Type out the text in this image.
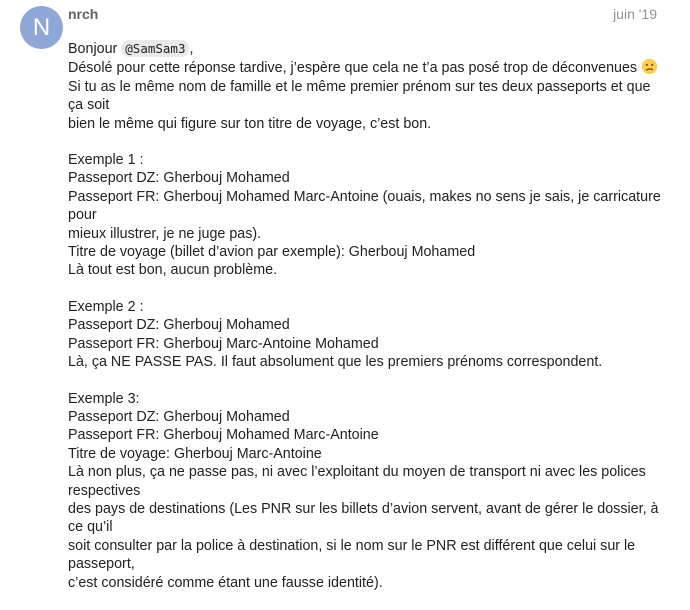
N	nrch	juin '19

Bonjour @SamSam3 ,
Désolé pour cette réponse tardive, j’espère que cela ne t’a pas posé trop de déconvenues
Si tu as le même nom de famille et le même premier prénom sur tes deux passeports et que ça soit
bien le même qui figure sur ton titre de voyage, c’est bon.

Exemple 1 :
Passeport DZ: Gherbouj Mohamed
Passeport FR: Gherbouj Mohamed Marc-Antoine (ouais, makes no sens je sais, je carricature pour
mieux illustrer, je ne juge pas).
Titre de voyage (billet d’avion par exemple): Gherbouj Mohamed
Là tout est bon, aucun problème.

Exemple 2 :
Passeport DZ: Gherbouj Mohamed
Passeport FR: Gherbouj Marc-Antoine Mohamed
Là, ça NE PASSE PAS. Il faut absolument que les premiers prénoms correspondent.

Exemple 3:
Passeport DZ: Gherbouj Mohamed
Passeport FR: Gherbouj Mohamed Marc-Antoine
Titre de voyage: Gherbouj Marc-Antoine
Là non plus, ça ne passe pas, ni avec l’exploitant du moyen de transport ni avec les polices respectives
des pays de destinations (Les PNR sur les billets d’avion servent, avant de gérer le dossier, à ce qu’il
soit consulter par la police à destination, si le nom sur le PNR est différent que celui sur le passeport,
c’est considéré comme étant une fausse identité).
